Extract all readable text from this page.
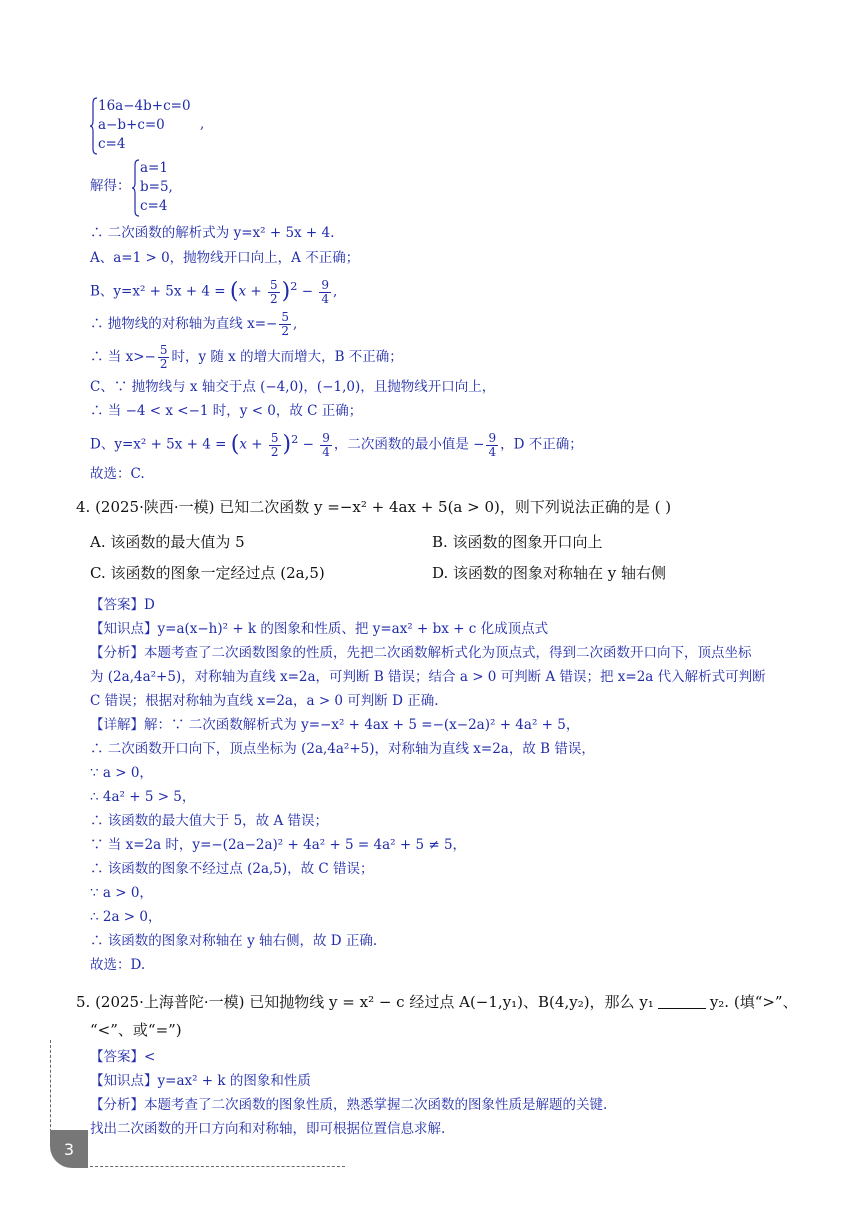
16a−4b+c=0
a−b+c=0
c=4
,
解得：
a=1
b=5,
c=4
∴ 二次函数的解析式为 y=x² + 5x + 4.
A、a=1 > 0，抛物线开口向上，A 不正确；
B、$y=x^2 + 5x + 4 = (x + \frac{5}{2} )^2 - \frac{9}{4}$ ,
∴ 抛物线的对称轴为直线 $x=- \frac{5}{2}$ ,
∴ 当 $x>- \frac{5}{2}$ 时，y 随 x 的增大而增大，B 不正确；
C、∵ 抛物线与 x 轴交于点 (−4,0)，(−1,0)，且抛物线开口向上，
∴ 当 −4 < x <−1 时，y < 0，故 C 正确；
D、$y=x^2 + 5x + 4 = (x + \frac{5}{2} )^2 - \frac{9}{4}$ ，二次函数的最小值是 − $\frac{9}{4}$ ，D 不正确；
故选：C.
4. (2025·陕西·一模) 已知二次函数 y =−x² + 4ax + 5(a > 0)，则下列说法正确的是 ( )
A. 该函数的最大值为 5	B. 该函数的图象开口向上
C. 该函数的图象一定经过点 (2a,5)	D. 该函数的图象对称轴在 y 轴右侧
【答案】D
【知识点】y=a(x−h)² + k 的图象和性质、把 y=ax² + bx + c 化成顶点式
【分析】本题考查了二次函数图象的性质，先把二次函数解析式化为顶点式，得到二次函数开口向下，顶点坐标
为 (2a,4a²+5)，对称轴为直线 x=2a，可判断 B 错误；结合 a > 0 可判断 A 错误；把 x=2a 代入解析式可判断
C 错误；根据对称轴为直线 x=2a，a > 0 可判断 D 正确.
【详解】解：∵ 二次函数解析式为 y=−x² + 4ax + 5 =−(x−2a)² + 4a² + 5，
∴ 二次函数开口向下，顶点坐标为 (2a,4a²+5)，对称轴为直线 x=2a，故 B 错误，
∵ a > 0，
∴ 4a² + 5 > 5，
∴ 该函数的最大值大于 5，故 A 错误；
∵ 当 x=2a 时，y=−(2a−2a)² + 4a² + 5 = 4a² + 5 ≠ 5，
∴ 该函数的图象不经过点 (2a,5)，故 C 错误；
∵ a > 0，
∴ 2a > 0，
∴ 该函数的图象对称轴在 y 轴右侧，故 D 正确.
故选：D.
5. (2025·上海普陀·一模) 已知抛物线 y = x² − c 经过点 A(−1,y₁)、B(4,y₂)，那么 y₁	y₂. (填“>”、
“<”、或“=”)
【答案】<
【知识点】y=ax² + k 的图象和性质
【分析】本题考查了二次函数的图象性质，熟悉掌握二次函数的图象性质是解题的关键.
找出二次函数的开口方向和对称轴，即可根据位置信息求解.
3
